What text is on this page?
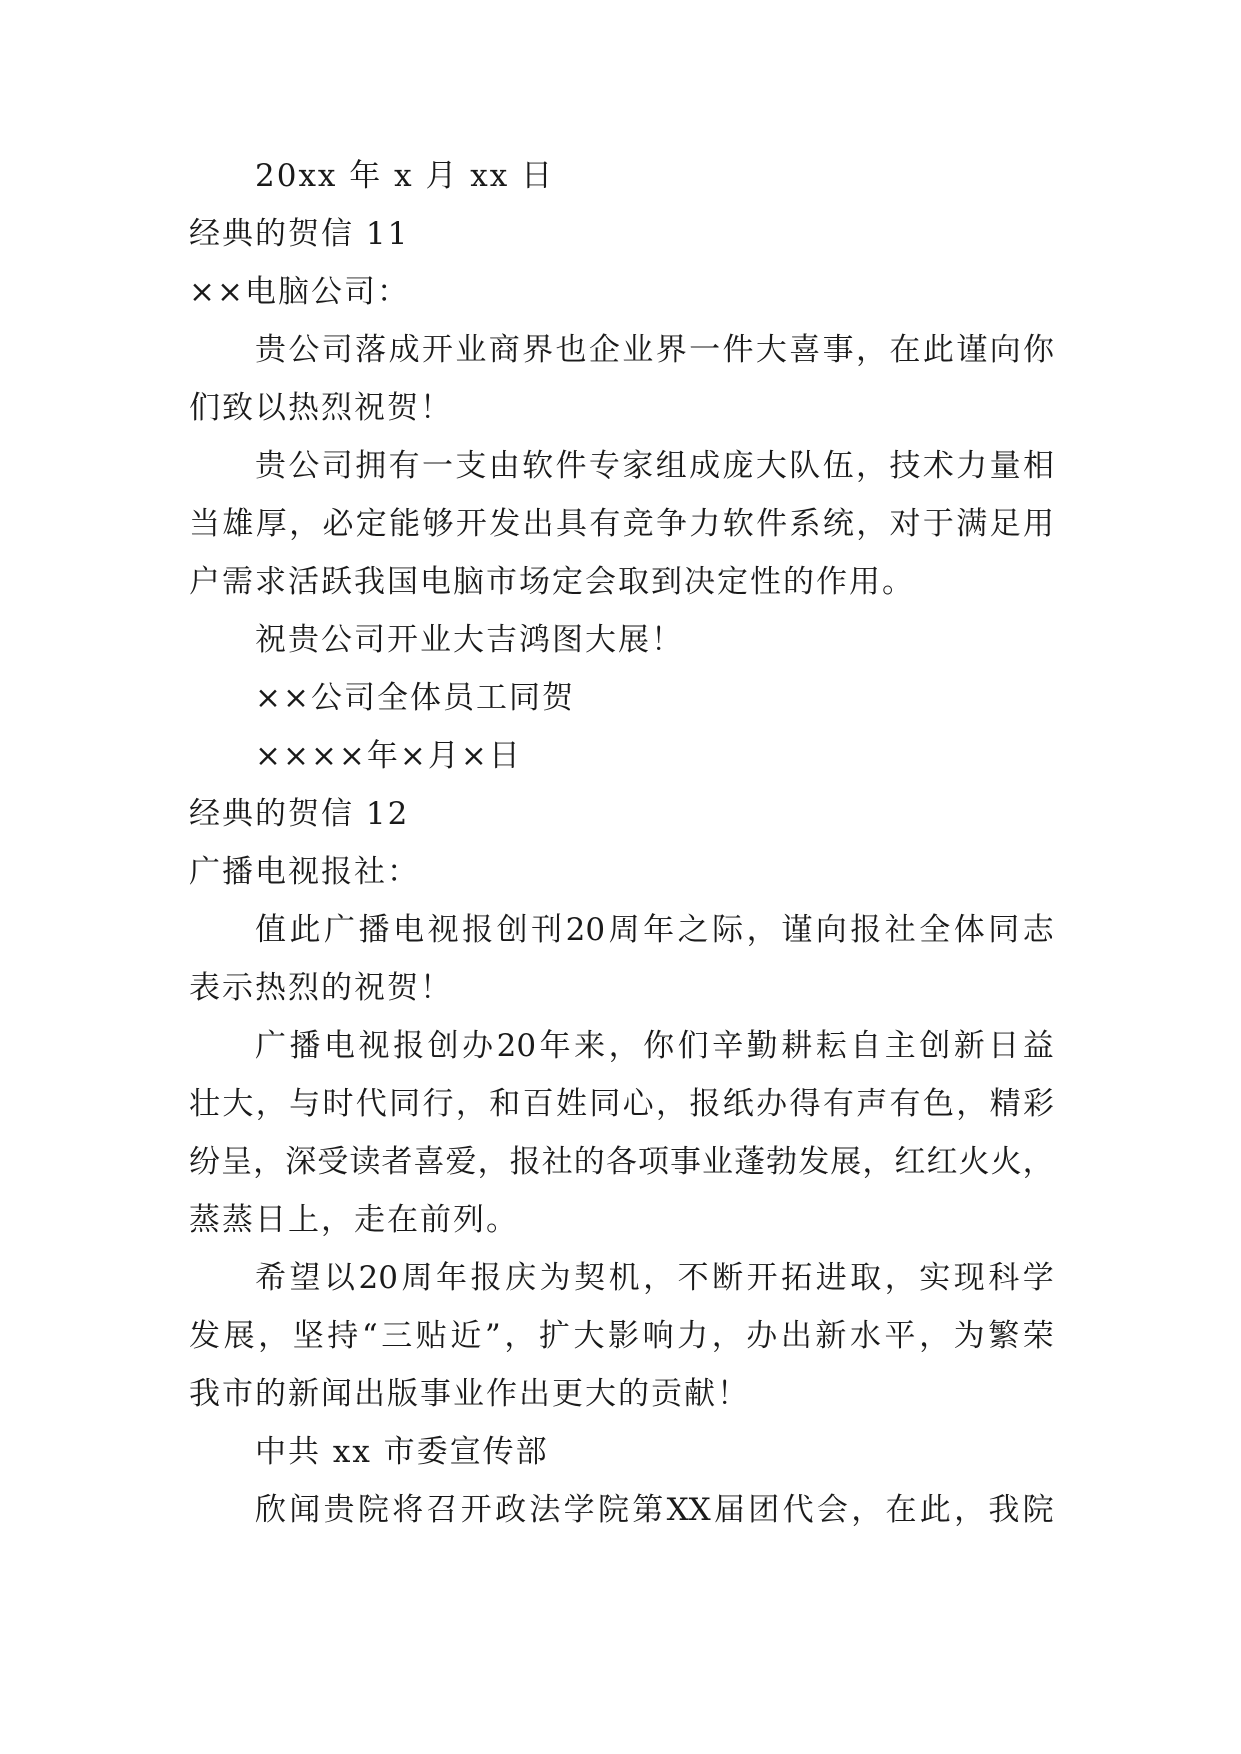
20xx 年 x 月 xx 日
经典的贺信 11
××电脑公司：
贵 公 司 落 成 开 业 商 界 也 企 业 界 一 件 大 喜 事 ， 在 此 谨 向 你
们致以热烈祝贺！
贵 公 司 拥 有 一 支 由 软 件 专 家 组 成 庞 大 队 伍 ， 技 术 力 量 相
当 雄 厚 ， 必 定 能 够 开 发 出 具 有 竞 争 力 软 件 系 统 ， 对 于 满 足 用
户需求活跃我国电脑市场定会取到决定性的作用。
祝贵公司开业大吉鸿图大展！
××公司全体员工同贺
××××年×月×日
经典的贺信 12
广播电视报社：
值 此 广 播 电 视 报 创 刊 20 周 年 之 际 ， 谨 向 报 社 全 体 同 志
表示热烈的祝贺！
广 播 电 视 报 创 办 20 年 来 ， 你 们 辛 勤 耕 耘 自 主 创 新 日 益
壮 大 ， 与 时 代 同 行 ， 和 百 姓 同 心 ， 报 纸 办 得 有 声 有 色 ， 精 彩
纷 呈 ， 深 受 读 者 喜 爱 ， 报 社 的 各 项 事 业 蓬 勃 发 展 ， 红 红 火 火 ，
蒸蒸日上，走在前列。
希 望 以 20 周 年 报 庆 为 契 机 ， 不 断 开 拓 进 取 ， 实 现 科 学
发 展 ， 坚 持 “ 三 贴 近 ” ， 扩 大 影 响 力 ， 办 出 新 水 平 ， 为 繁 荣
我市的新闻出版事业作出更大的贡献！
中共 xx 市委宣传部
欣 闻 贵 院 将 召 开 政 法 学 院 第 XX 届 团 代 会 ， 在 此 ， 我 院
